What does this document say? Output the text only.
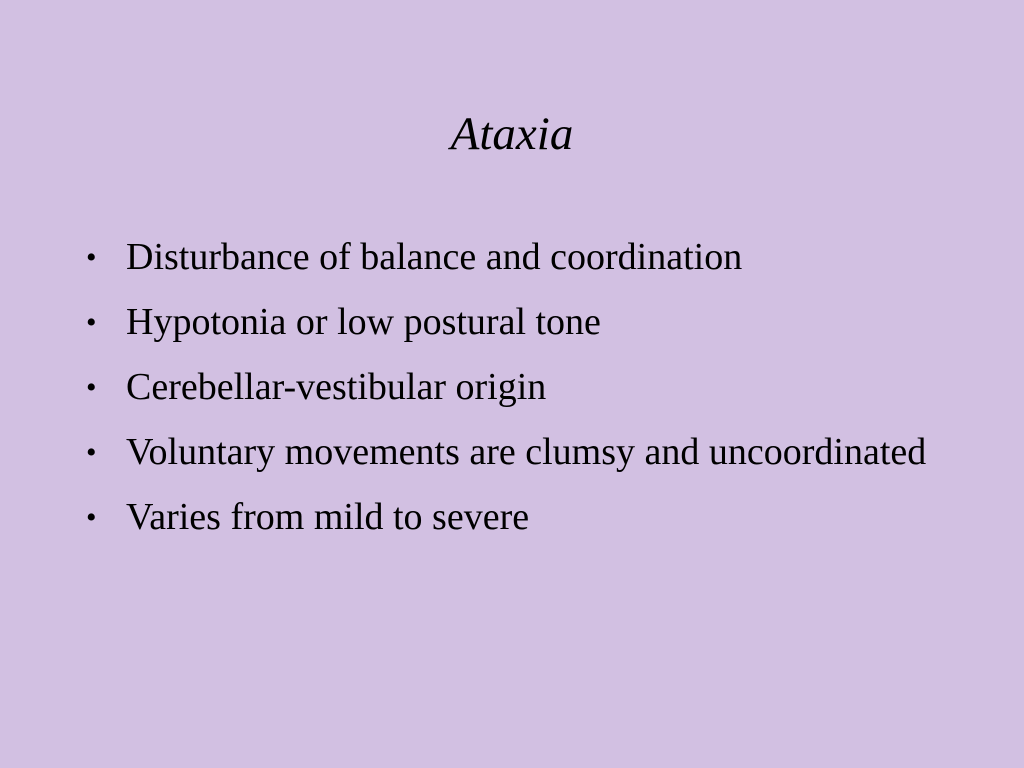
Ataxia
• Disturbance of balance and coordination
• Hypotonia or low postural tone
• Cerebellar-vestibular origin
• Voluntary movements are clumsy and uncoordinated
• Varies from mild to severe
